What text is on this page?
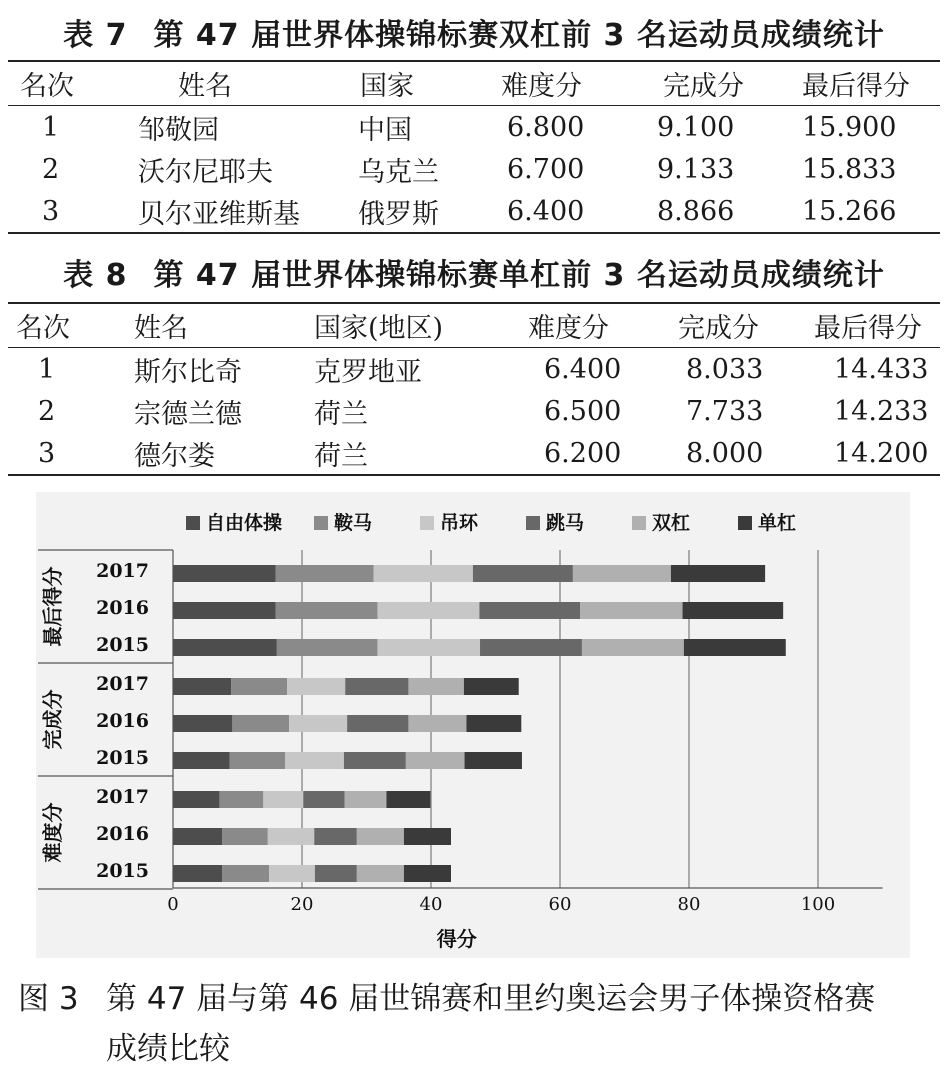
表 7 第 47 届世界体操锦标赛双杠前 3 名运动员成绩统计
名次	姓名	国家	难度分	完成分	最后得分
1	邹敬园	中国	6.800	9.100	15.900
2	沃尔尼耶夫	乌克兰	6.700	9.133	15.833
3	贝尔亚维斯基	俄罗斯	6.400	8.866	15.266
表 8 第 47 届世界体操锦标赛单杠前 3 名运动员成绩统计
名次	姓名	国家(地区)	难度分	完成分	最后得分
1	斯尔比奇	克罗地亚	6.400	8.033	14.433
2	宗德兰德	荷兰	6.500	7.733	14.233
3	德尔娄	荷兰	6.200	8.000	14.200
0	20	40	60	80	100
最后得分 2017
2016
2015
完成分
2017
2016
2015
难度分
2017
2016
2015
自由体操	鞍马	吊环	跳马	双杠	单杠
得分
图 3 第 47 届与第 46 届世锦赛和里约奥运会男子体操资格赛
成绩比较
